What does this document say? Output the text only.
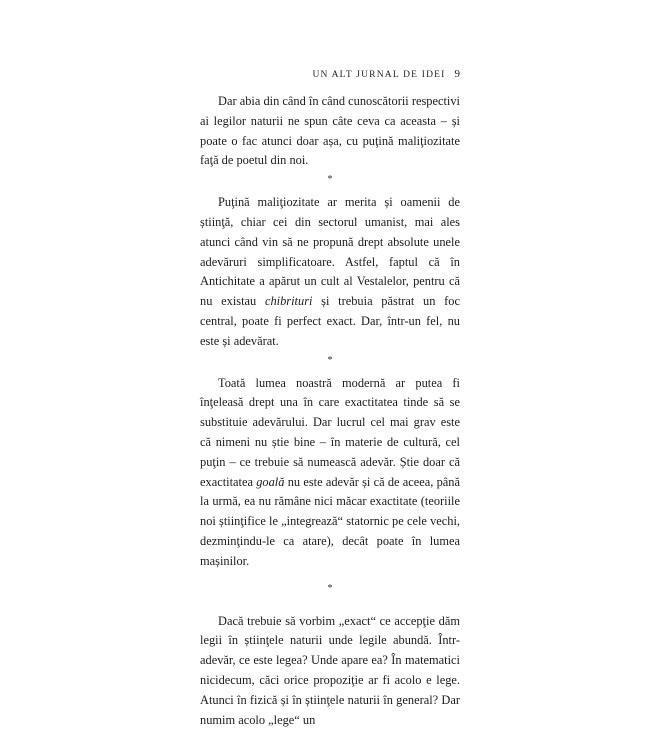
UN ALT JURNAL DE IDEI 9

Dar abia din când în când cunoscătorii respectivi ai legilor naturii ne spun câte ceva ca aceasta – și poate o fac atunci doar așa, cu puţină maliţiozitate faţă de poetul din noi.

*

Puţină maliţiozitate ar merita și oamenii de știinţă, chiar cei din sectorul umanist, mai ales atunci când vin să ne propună drept absolute unele adevăruri simplificatoare. Astfel, faptul că în Antichitate a apărut un cult al Vestalelor, pentru că nu existau chibrituri și trebuia păstrat un foc central, poate fi perfect exact. Dar, într-un fel, nu este și adevărat.

*

Toată lumea noastră modernă ar putea fi înţeleasă drept una în care exactitatea tinde să se substituie adevărului. Dar lucrul cel mai grav este că nimeni nu știe bine – în materie de cultură, cel puţin – ce trebuie să numească adevăr. Știe doar că exactitatea goală nu este adevăr și că de aceea, până la urmă, ea nu rămâne nici măcar exactitate (teoriile noi știinţifice le „integrează“ statornic pe cele vechi, dezminţindu-le ca atare), decât poate în lumea mașinilor.

*

Dacă trebuie să vorbim „exact“ ce accepţie dăm legii în știinţele naturii unde legile abundă. Într-adevăr, ce este legea? Unde apare ea? În matematici nicidecum, căci orice propoziţie ar fi acolo e lege. Atunci în fizică și în știinţele naturii în general? Dar numim acolo „lege“ un
